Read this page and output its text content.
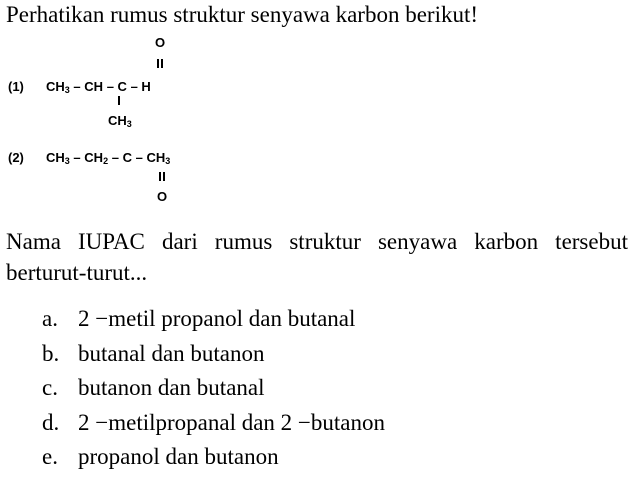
Perhatikan rumus struktur senyawa karbon berikut!
O
(1) $CH_3$ – CH – C – H
$CH_3$
(2) $CH_3 - CH_2$ – C – $CH_3$
O
Nama IUPAC dari rumus struktur senyawa karbon tersebut berturut-turut...
a. 2 −metil propanol dan butanal
b. butanal dan butanon
c. butanon dan butanal
d. 2 −metilpropanal dan 2 −butanon
e. propanol dan butanon
